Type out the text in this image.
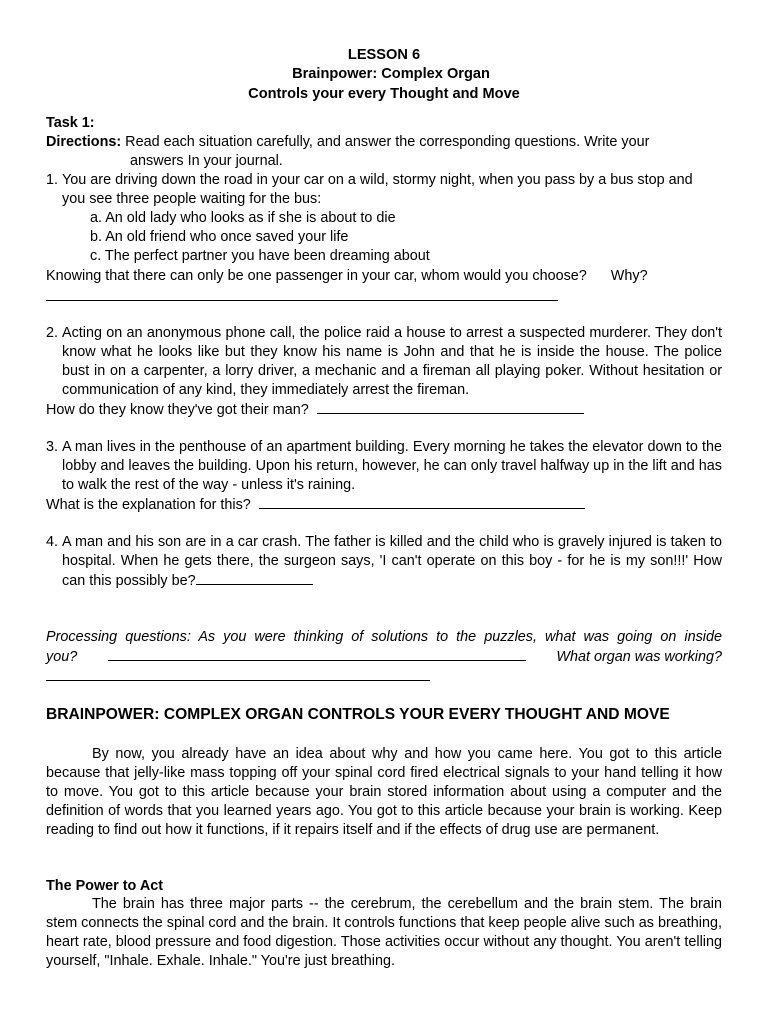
LESSON 6
Brainpower: Complex Organ
Controls your every Thought and Move
Task 1:
Directions: Read each situation carefully, and answer the corresponding questions. Write your
answers In your journal.
1. You are driving down the road in your car on a wild, stormy night, when you pass by a bus stop and
you see three people waiting for the bus:
a. An old lady who looks as if she is about to die
b. An old friend who once saved your life
c. The perfect partner you have been dreaming about
Knowing that there can only be one passenger in your car, whom would you choose? Why?
2. Acting on an anonymous phone call, the police raid a house to arrest a suspected murderer. They don't know what he looks like but they know his name is John and that he is inside the house. The police bust in on a carpenter, a lorry driver, a mechanic and a fireman all playing poker. Without hesitation or communication of any kind, they immediately arrest the fireman.
How do they know they've got their man?
3. A man lives in the penthouse of an apartment building. Every morning he takes the elevator down to the lobby and leaves the building. Upon his return, however, he can only travel halfway up in the lift and has to walk the rest of the way - unless it's raining.
What is the explanation for this?
4. A man and his son are in a car crash. The father is killed and the child who is gravely injured is taken to hospital. When he gets there, the surgeon says, 'I can't operate on this boy - for he is my son!!!' How can this possibly be?
Processing questions: As you were thinking of solutions to the puzzles, what was going on inside
you?	What organ was working?
BRAINPOWER: COMPLEX ORGAN CONTROLS YOUR EVERY THOUGHT AND MOVE
By now, you already have an idea about why and how you came here. You got to this article because that jelly-like mass topping off your spinal cord fired electrical signals to your hand telling it how to move. You got to this article because your brain stored information about using a computer and the definition of words that you learned years ago. You got to this article because your brain is working. Keep reading to find out how it functions, if it repairs itself and if the effects of drug use are permanent.
The Power to Act
The brain has three major parts -- the cerebrum, the cerebellum and the brain stem. The brain stem connects the spinal cord and the brain. It controls functions that keep people alive such as breathing, heart rate, blood pressure and food digestion. Those activities occur without any thought. You aren't telling yourself, "Inhale. Exhale. Inhale." You're just breathing.
